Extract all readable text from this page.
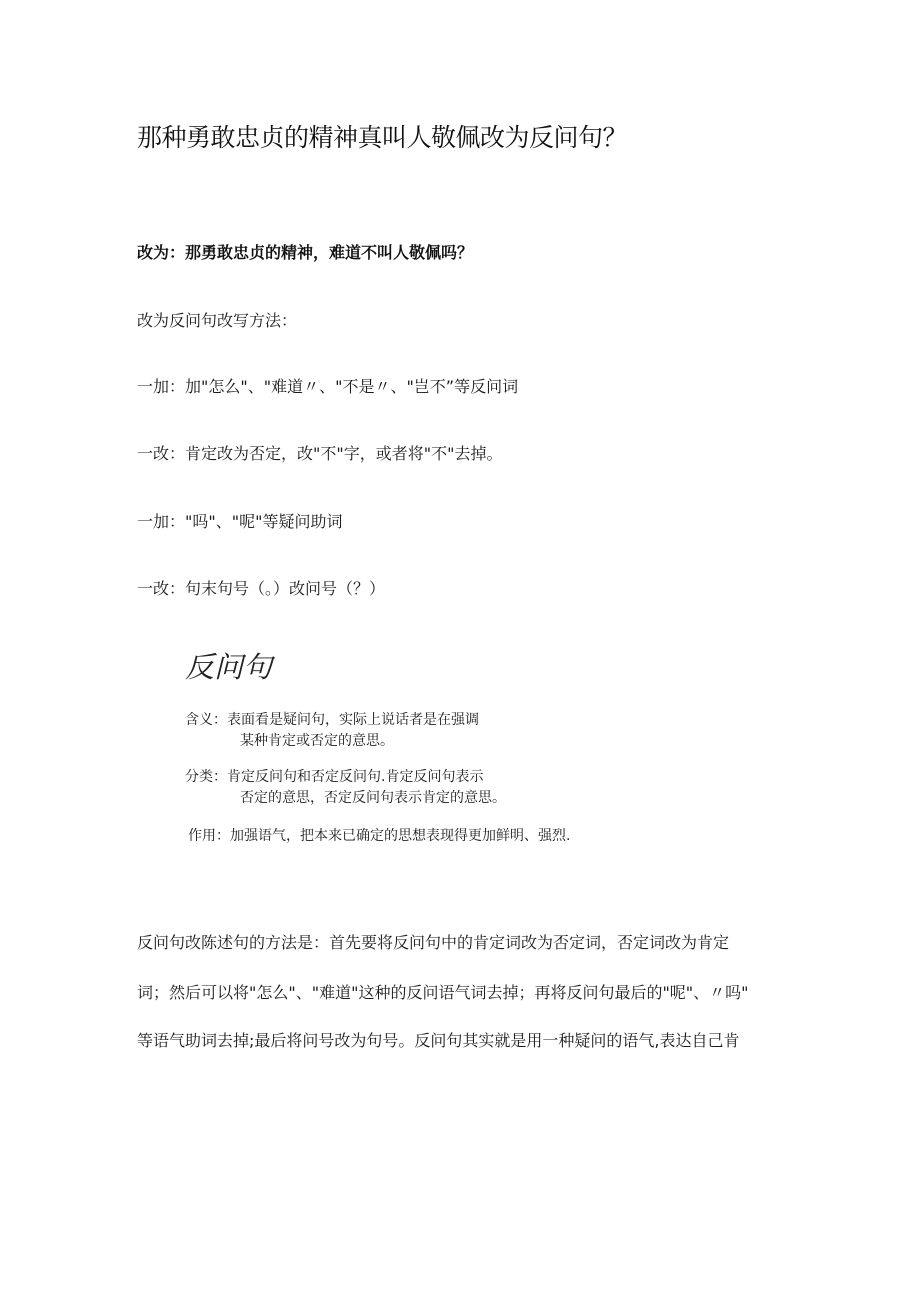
那种勇敢忠贞的精神真叫人敬佩改为反问句？
改为：那勇敢忠贞的精神，难道不叫人敬佩吗？
改为反问句改写方法：
一加：加"怎么"、"难道〃、"不是〃、"岂不”等反问词
一改：肯定改为否定，改"不"字，或者将"不"去掉。
一加："吗"、"呢"等疑问助词
一改：句末句号（。）改问号（？）
反问句
含义：表面看是疑问句，实际上说话者是在强调
某种肯定或否定的意思。
分类：肯定反问句和否定反问句.肯定反问句表示
否定的意思，否定反问句表示肯定的意思。
作用：加强语气，把本来已确定的思想表现得更加鲜明、强烈.
反问句改陈述句的方法是：首先要将反问句中的肯定词改为否定词，否定词改为肯定
词；然后可以将"怎么"、"难道"这种的反问语气词去掉；再将反问句最后的"呢"、〃吗"
等语气助词去掉;最后将问号改为句号。反问句其实就是用一种疑问的语气,表达自己肯
